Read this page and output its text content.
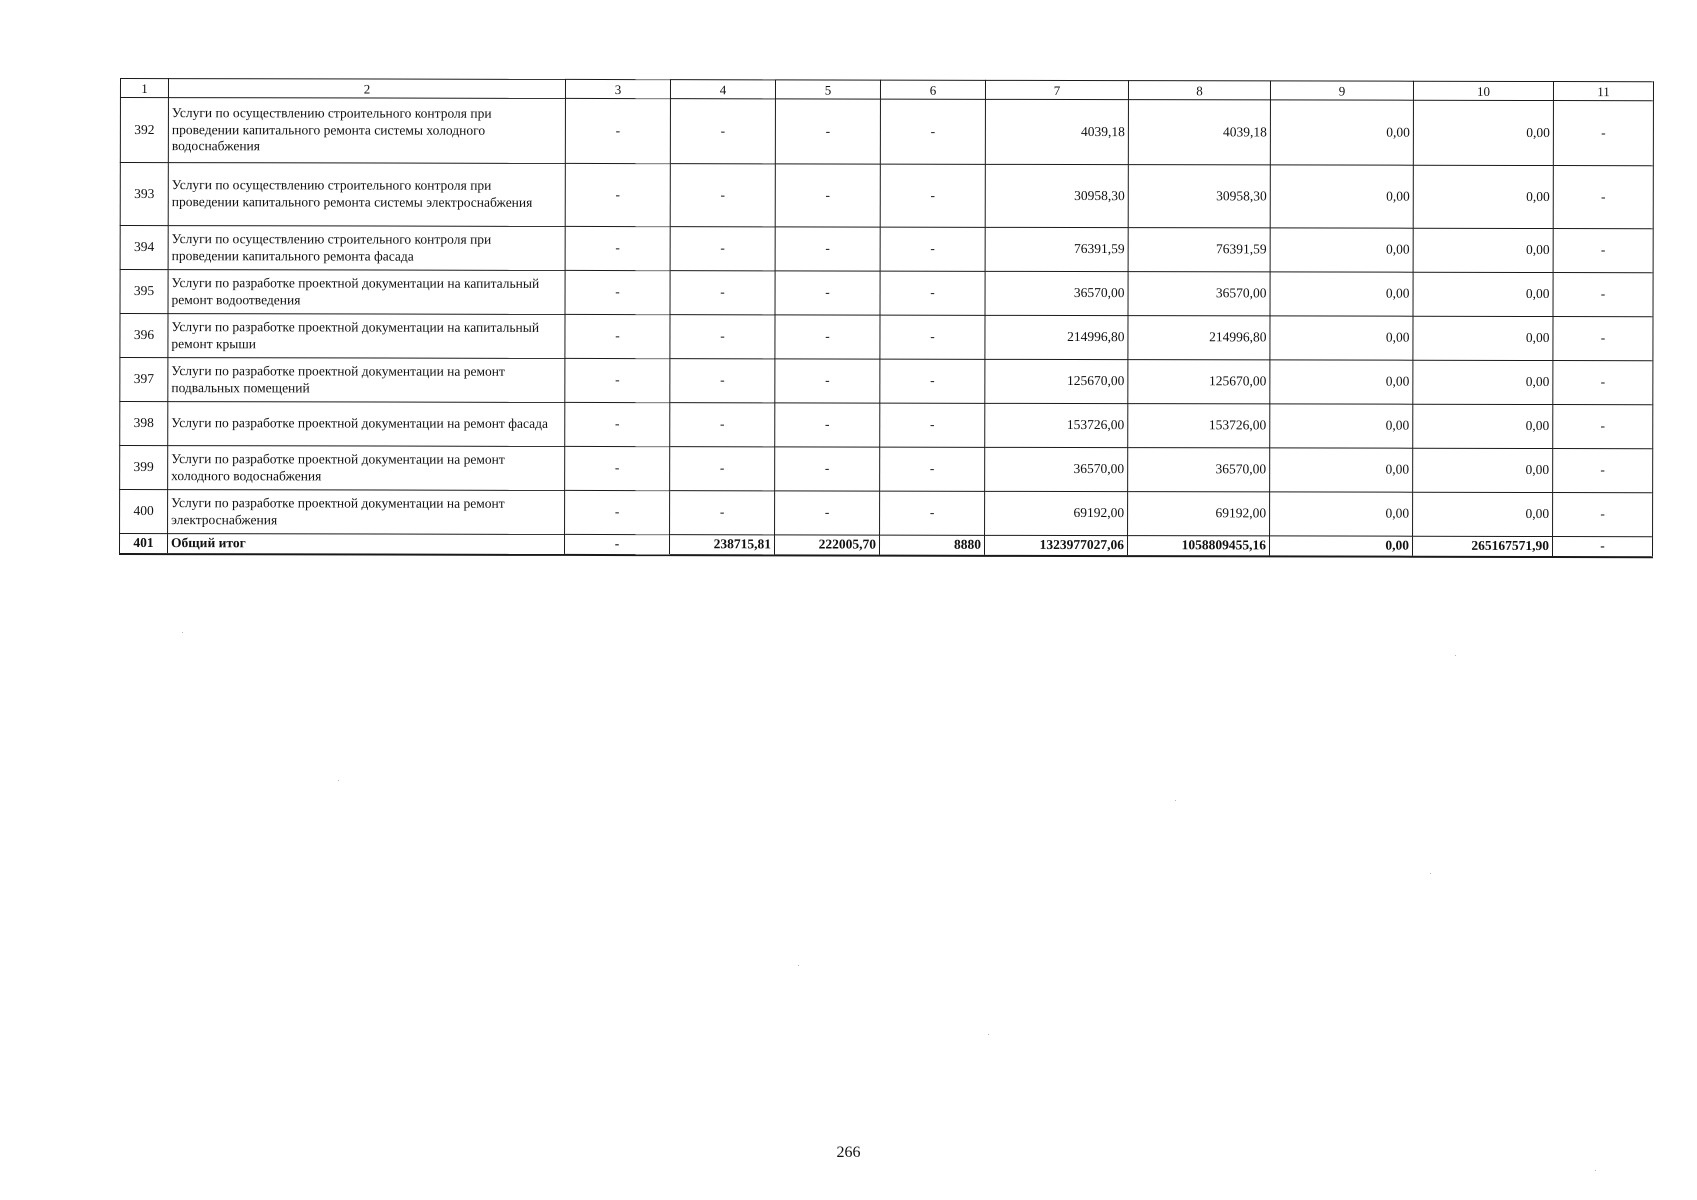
1	2	3	4	5	6	7	8	9	10	11
392	Услуги по осуществлению строительного контроля при проведении капитального ремонта системы холодного водоснабжения	-	-	-	-	4039,18	4039,18	0,00	0,00	-
393	Услуги по осуществлению строительного контроля при проведении капитального ремонта системы электроснабжения	-	-	-	-	30958,30	30958,30	0,00	0,00	-
394	Услуги по осуществлению строительного контроля при проведении капитального ремонта фасада	-	-	-	-	76391,59	76391,59	0,00	0,00	-
395	Услуги по разработке проектной документации на капитальный ремонт водоотведения	-	-	-	-	36570,00	36570,00	0,00	0,00	-
396	Услуги по разработке проектной документации на капитальный ремонт крыши	-	-	-	-	214996,80	214996,80	0,00	0,00	-
397	Услуги по разработке проектной документации на ремонт подвальных помещений	-	-	-	-	125670,00	125670,00	0,00	0,00	-
398	Услуги по разработке проектной документации на ремонт фасада	-	-	-	-	153726,00	153726,00	0,00	0,00	-
399	Услуги по разработке проектной документации на ремонт холодного водоснабжения	-	-	-	-	36570,00	36570,00	0,00	0,00	-
400	Услуги по разработке проектной документации на ремонт электроснабжения	-	-	-	-	69192,00	69192,00	0,00	0,00	-
401	Общий итог	-	238715,81	222005,70	8880	1323977027,06	1058809455,16	0,00	265167571,90	-
266
